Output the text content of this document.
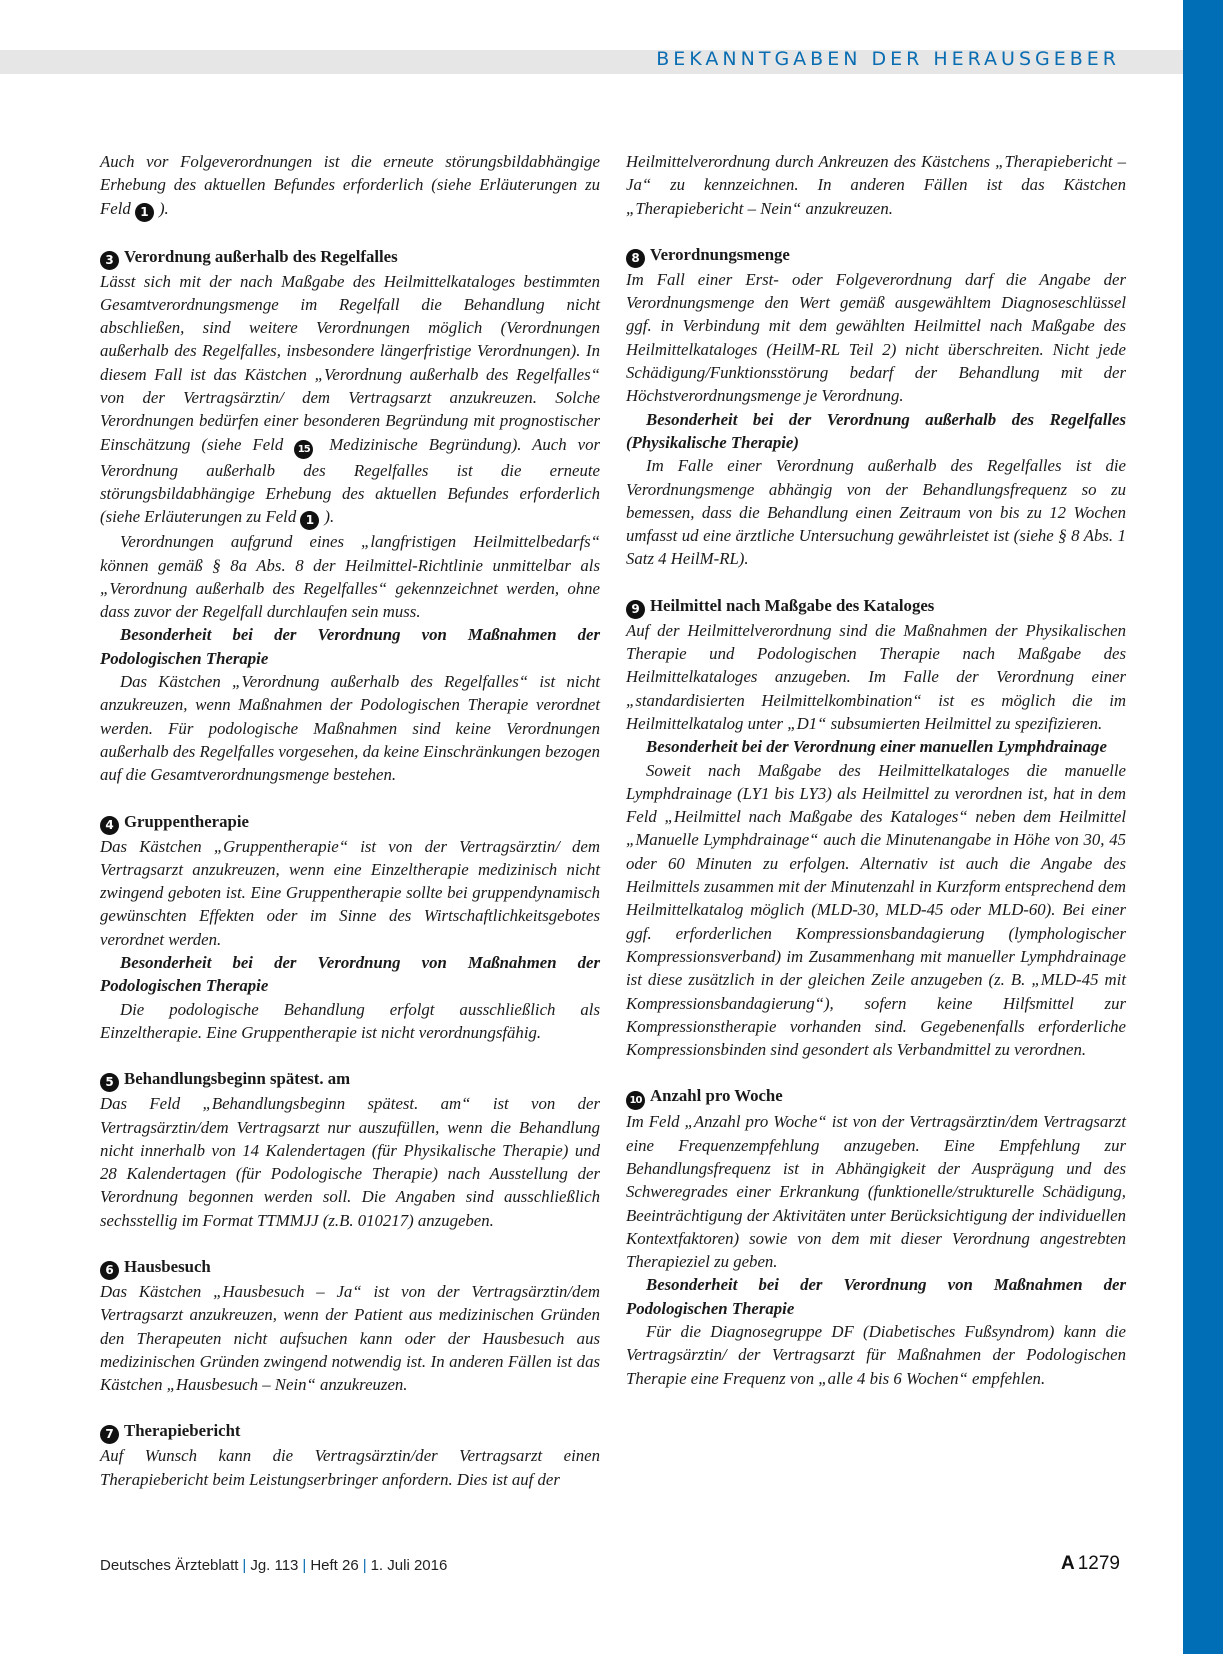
BEKANNTGABEN DER HERAUSGEBER

Auch vor Folgeverordnungen ist die erneute störungsbildabhängige Erhebung des aktuellen Befundes erforderlich (siehe Erläuterungen zu Feld 1 ).

3 Verordnung außerhalb des Regelfalles

Lässt sich mit der nach Maßgabe des Heilmittelkataloges bestimmten Gesamtverordnungsmenge im Regelfall die Behandlung nicht abschließen, sind weitere Verordnungen möglich (Verordnungen außerhalb des Regelfalles, insbesondere längerfristige Verordnungen). In diesem Fall ist das Kästchen „Verordnung außerhalb des Regelfalles“ von der Vertragsärztin/ dem Vertragsarzt anzukreuzen. Solche Verordnungen bedürfen einer besonderen Begründung mit prognostischer Einschätzung (siehe Feld 15 Medizinische Begründung). Auch vor Verordnung außerhalb des Regelfalles ist die erneute störungsbildabhängige Erhebung des aktuellen Befundes erforderlich (siehe Erläuterungen zu Feld 1 ).

Verordnungen aufgrund eines „langfristigen Heilmittelbedarfs“ können gemäß § 8a Abs. 8 der Heilmittel-Richtlinie unmittelbar als „Verordnung außerhalb des Regelfalles“ gekennzeichnet werden, ohne dass zuvor der Regelfall durchlaufen sein muss.

Besonderheit bei der Verordnung von Maßnahmen der Podologischen Therapie

Das Kästchen „Verordnung außerhalb des Regelfalles“ ist nicht anzukreuzen, wenn Maßnahmen der Podologischen Therapie verordnet werden. Für podologische Maßnahmen sind keine Verordnungen außerhalb des Regelfalles vorgesehen, da keine Einschränkungen bezogen auf die Gesamtverordnungsmenge bestehen.

4 Gruppentherapie

Das Kästchen „Gruppentherapie“ ist von der Vertragsärztin/ dem Vertragsarzt anzukreuzen, wenn eine Einzeltherapie medizinisch nicht zwingend geboten ist. Eine Gruppentherapie sollte bei gruppendynamisch gewünschten Effekten oder im Sinne des Wirtschaftlichkeitsgebotes verordnet werden.

Besonderheit bei der Verordnung von Maßnahmen der Podologischen Therapie

Die podologische Behandlung erfolgt ausschließlich als Einzeltherapie. Eine Gruppentherapie ist nicht verordnungsfähig.

5 Behandlungsbeginn spätest. am

Das Feld „Behandlungsbeginn spätest. am“ ist von der Vertragsärztin/dem Vertragsarzt nur auszufüllen, wenn die Behandlung nicht innerhalb von 14 Kalendertagen (für Physikalische Therapie) und 28 Kalendertagen (für Podologische Therapie) nach Ausstellung der Verordnung begonnen werden soll. Die Angaben sind ausschließlich sechsstellig im Format TTMMJJ (z.B. 010217) anzugeben.

6 Hausbesuch

Das Kästchen „Hausbesuch – Ja“ ist von der Vertragsärztin/dem Vertragsarzt anzukreuzen, wenn der Patient aus medizinischen Gründen den Therapeuten nicht aufsuchen kann oder der Hausbesuch aus medizinischen Gründen zwingend notwendig ist. In anderen Fällen ist das Kästchen „Hausbesuch – Nein“ anzukreuzen.

7 Therapiebericht

Auf Wunsch kann die Vertragsärztin/der Vertragsarzt einen Therapiebericht beim Leistungserbringer anfordern. Dies ist auf der

Heilmittelverordnung durch Ankreuzen des Kästchens „Therapiebericht – Ja“ zu kennzeichnen. In anderen Fällen ist das Kästchen „Therapiebericht – Nein“ anzukreuzen.

8 Verordnungsmenge

Im Fall einer Erst- oder Folgeverordnung darf die Angabe der Verordnungsmenge den Wert gemäß ausgewähltem Diagnoseschlüssel ggf. in Verbindung mit dem gewählten Heilmittel nach Maßgabe des Heilmittelkataloges (HeilM-RL Teil 2) nicht überschreiten. Nicht jede Schädigung/Funktionsstörung bedarf der Behandlung mit der Höchstverordnungsmenge je Verordnung.

Besonderheit bei der Verordnung außerhalb des Regelfalles (Physikalische Therapie)

Im Falle einer Verordnung außerhalb des Regelfalles ist die Verordnungsmenge abhängig von der Behandlungsfrequenz so zu bemessen, dass die Behandlung einen Zeitraum von bis zu 12 Wochen umfasst ud eine ärztliche Untersuchung gewährleistet ist (siehe § 8 Abs. 1 Satz 4 HeilM-RL).

9 Heilmittel nach Maßgabe des Kataloges

Auf der Heilmittelverordnung sind die Maßnahmen der Physikalischen Therapie und Podologischen Therapie nach Maßgabe des Heilmittelkataloges anzugeben. Im Falle der Verordnung einer „standardisierten Heilmittelkombination“ ist es möglich die im Heilmittelkatalog unter „D1“ subsumierten Heilmittel zu spezifizieren.

Besonderheit bei der Verordnung einer manuellen Lymphdrainage

Soweit nach Maßgabe des Heilmittelkataloges die manuelle Lymphdrainage (LY1 bis LY3) als Heilmittel zu verordnen ist, hat in dem Feld „Heilmittel nach Maßgabe des Kataloges“ neben dem Heilmittel „Manuelle Lymphdrainage“ auch die Minutenangabe in Höhe von 30, 45 oder 60 Minuten zu erfolgen. Alternativ ist auch die Angabe des Heilmittels zusammen mit der Minutenzahl in Kurzform entsprechend dem Heilmittelkatalog möglich (MLD-30, MLD-45 oder MLD-60). Bei einer ggf. erforderlichen Kompressionsbandagierung (lymphologischer Kompressionsverband) im Zusammenhang mit manueller Lymphdrainage ist diese zusätzlich in der gleichen Zeile anzugeben (z. B. „MLD-45 mit Kompressionsbandagierung“), sofern keine Hilfsmittel zur Kompressionstherapie vorhanden sind. Gegebenenfalls erforderliche Kompressionsbinden sind gesondert als Verbandmittel zu verordnen.

10 Anzahl pro Woche

Im Feld „Anzahl pro Woche“ ist von der Vertragsärztin/dem Vertragsarzt eine Frequenzempfehlung anzugeben. Eine Empfehlung zur Behandlungsfrequenz ist in Abhängigkeit der Ausprägung und des Schweregrades einer Erkrankung (funktionelle/strukturelle Schädigung, Beeinträchtigung der Aktivitäten unter Berücksichtigung der individuellen Kontextfaktoren) sowie von dem mit dieser Verordnung angestrebten Therapieziel zu geben.

Besonderheit bei der Verordnung von Maßnahmen der Podologischen Therapie

Für die Diagnosegruppe DF (Diabetisches Fußsyndrom) kann die Vertragsärztin/ der Vertragsarzt für Maßnahmen der Podologischen Therapie eine Frequenz von „alle 4 bis 6 Wochen“ empfehlen.

Deutsches Ärzteblatt | Jg. 113 | Heft 26 | 1. Juli 2016	A 1279
